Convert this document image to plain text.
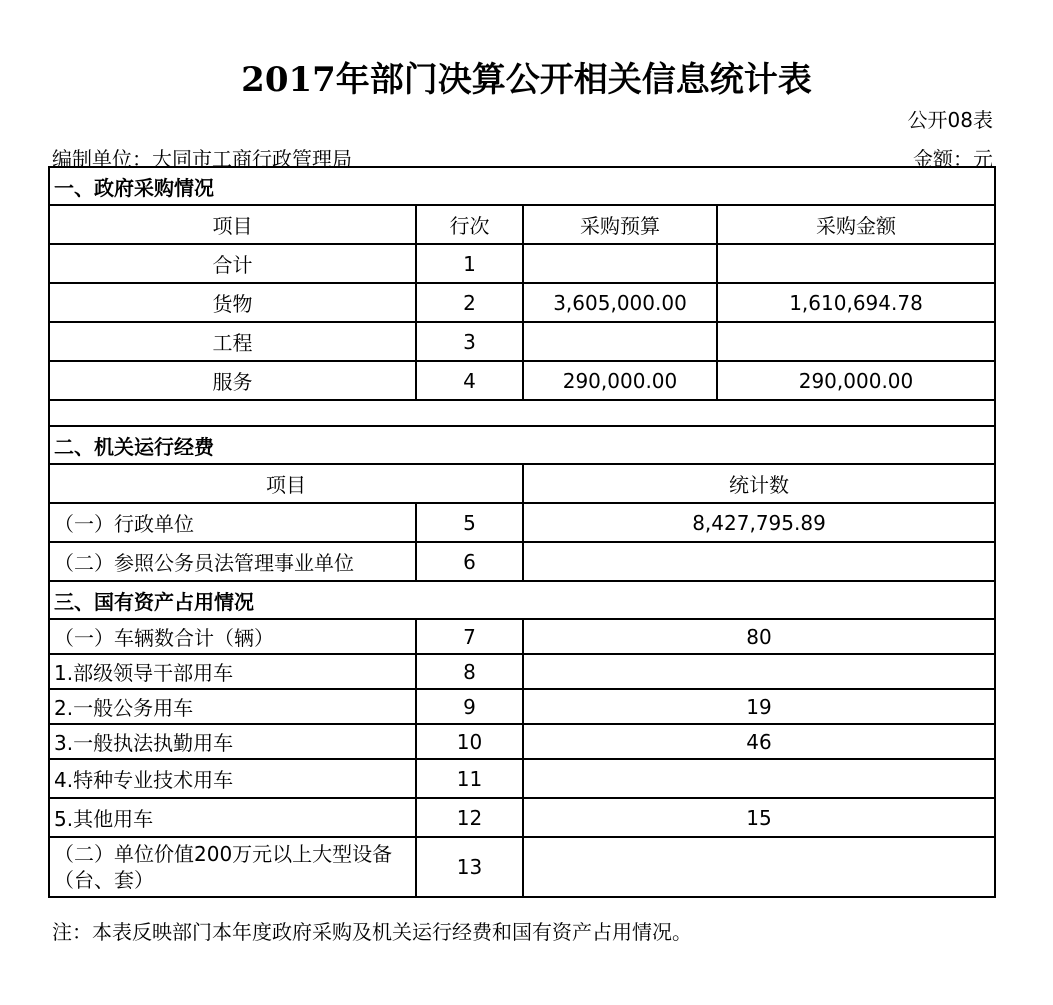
2017年部门决算公开相关信息统计表
公开08表
编制单位：大同市工商行政管理局	金额：元
一、政府采购情况			
项目	行次	采购预算	采购金额
合计	1		
货物	2	3,605,000.00	1,610,694.78
工程	3		
服务	4	290,000.00	290,000.00

二、机关运行经费			
项目		统计数	
（一）行政单位	5	8,427,795.89	
（二）参照公务员法管理事业单位	6		
三、国有资产占用情况			
（一）车辆数合计（辆）	7	80	
1.部级领导干部用车	8		
2.一般公务用车	9	19	
3.一般执法执勤用车	10	46	
4.特种专业技术用车	11		
5.其他用车	12	15	
（二）单位价值200万元以上大型设备（台、套）	13		
注：本表反映部门本年度政府采购及机关运行经费和国有资产占用情况。
